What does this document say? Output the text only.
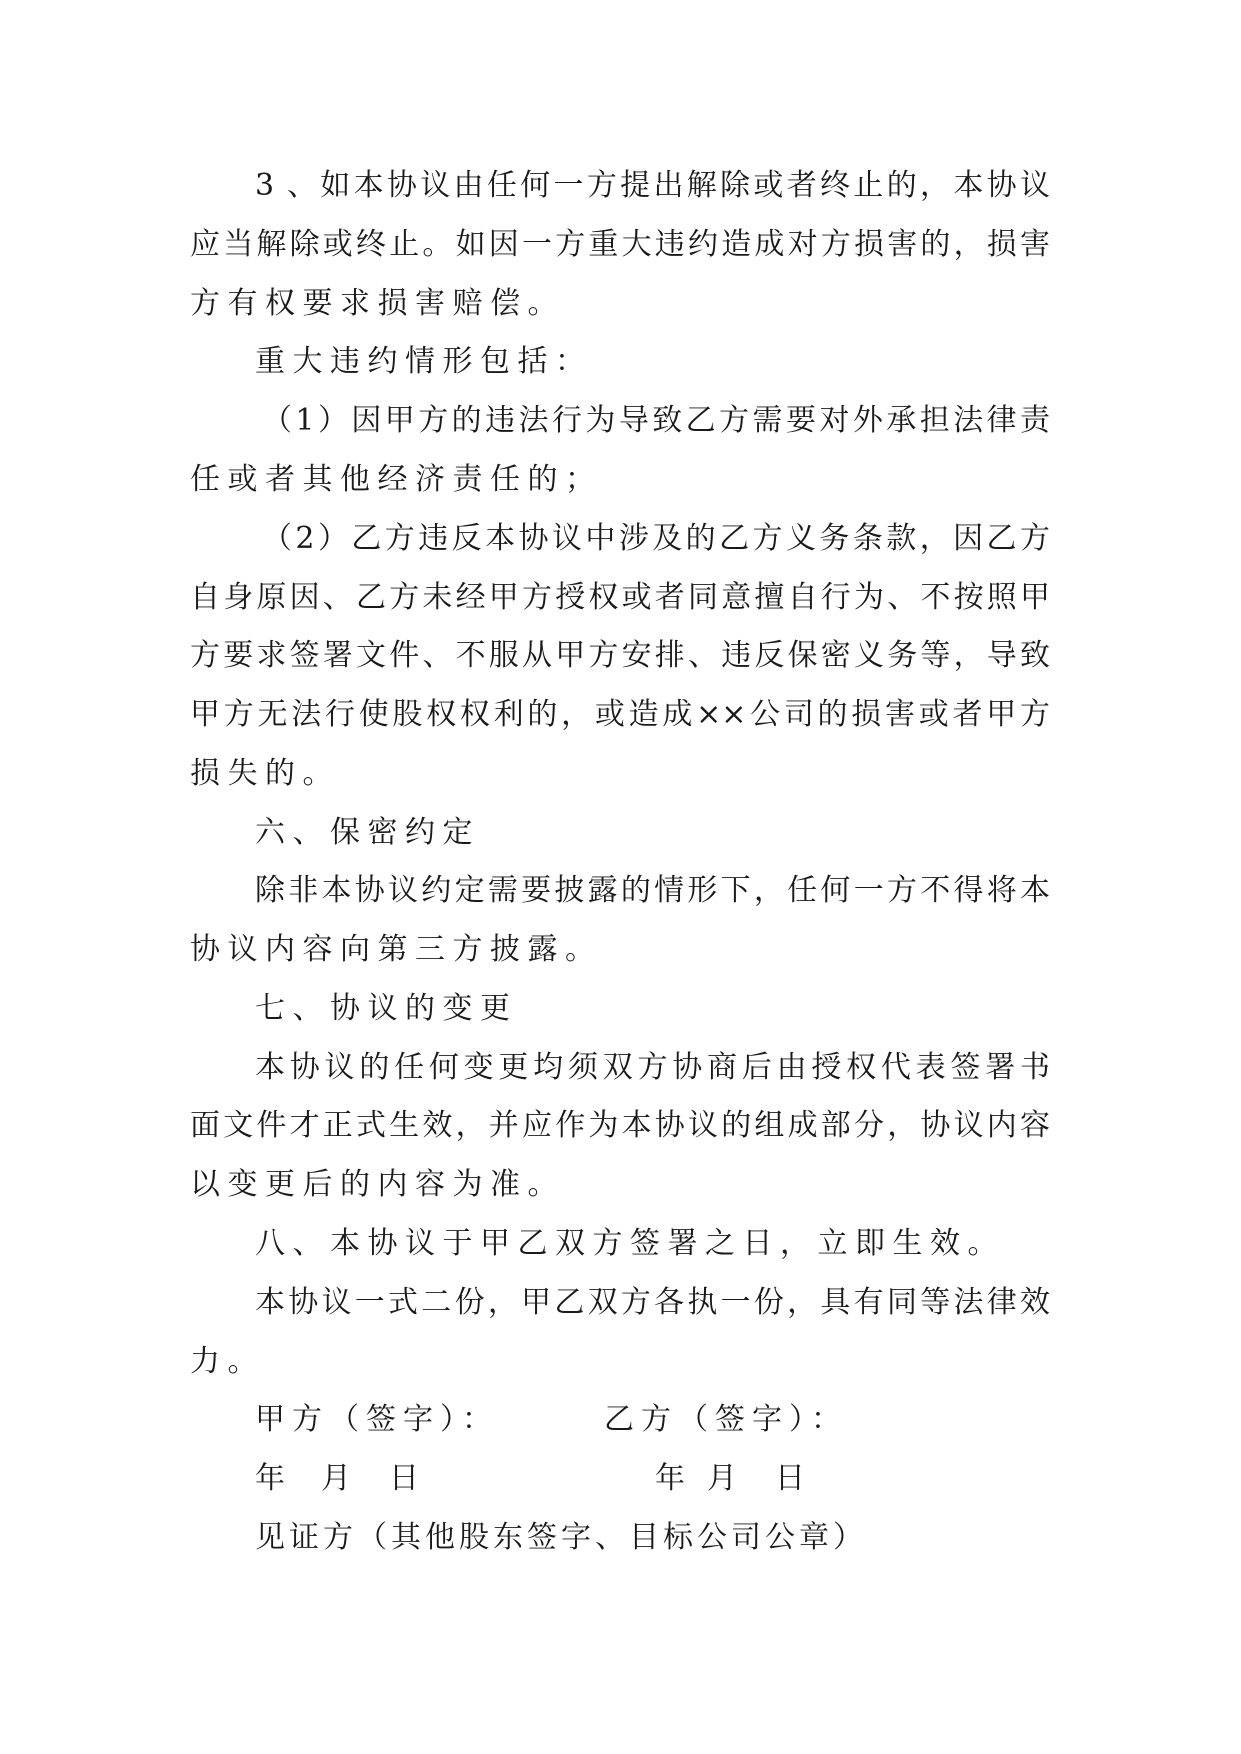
3 、如本协议由任何一方提出解除或者终止的，本协议
应当解除或终止。如因一方重大违约造成对方损害的，损害
方有权要求损害赔偿。
重大违约情形包括：
（1）因甲方的违法行为导致乙方需要对外承担法律责
任或者其他经济责任的；
（2）乙方违反本协议中涉及的乙方义务条款，因乙方
自身原因、乙方未经甲方授权或者同意擅自行为、不按照甲
方要求签署文件、不服从甲方安排、违反保密义务等，导致
甲方无法行使股权权利的，或造成××公司的损害或者甲方
损失的。
六、保密约定
除非本协议约定需要披露的情形下，任何一方不得将本
协议内容向第三方披露。
七、协议的变更
本协议的任何变更均须双方协商后由授权代表签署书
面文件才正式生效，并应作为本协议的组成部分，协议内容
以变更后的内容为准。
八、本协议于甲乙双方签署之日，立即生效。
本协议一式二份，甲乙双方各执一份，具有同等法律效
力。
甲方（签字）：	乙方（签字）：
年 月 日	年 月 日
见证方（其他股东签字、目标公司公章）
